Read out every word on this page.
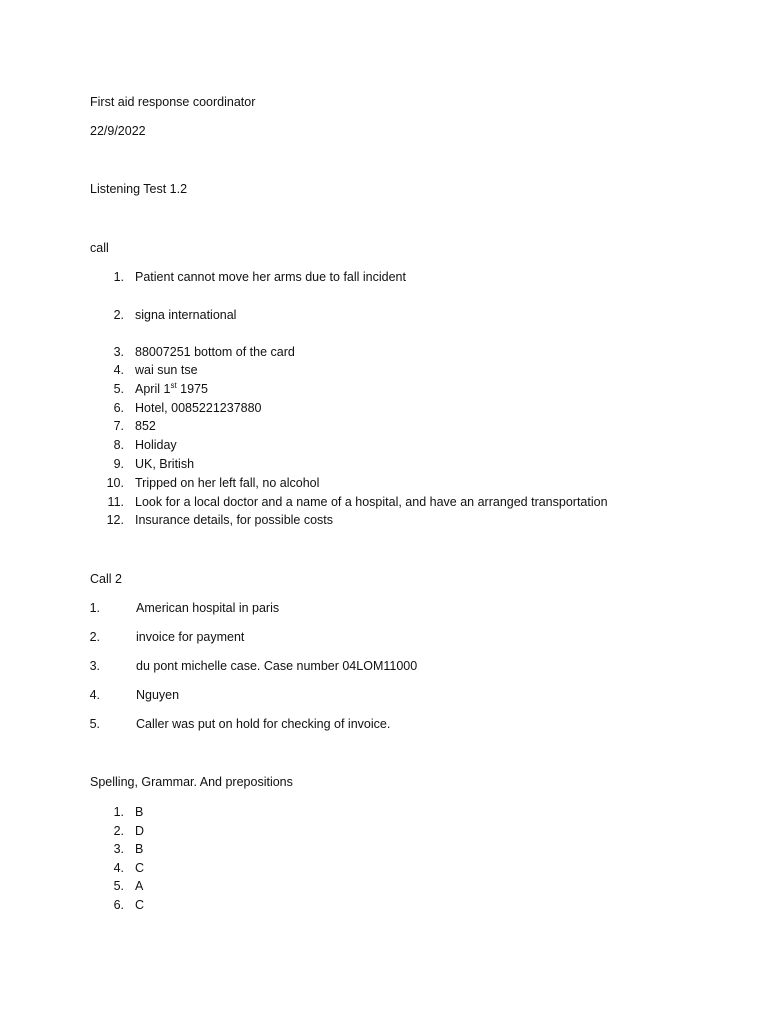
First aid response coordinator
22/9/2022
Listening Test 1.2
call
1. Patient cannot move her arms due to fall incident
2. signa international
3. 88007251 bottom of the card
4. wai sun tse
5. April 1st 1975
6. Hotel, 0085221237880
7. 852
8. Holiday
9. UK, British
10. Tripped on her left fall, no alcohol
11. Look for a local doctor and a name of a hospital, and have an arranged transportation
12. Insurance details, for possible costs
Call 2
1.	American hospital in paris
2.	invoice for payment
3.	du pont michelle case. Case number 04LOM11000
4.	Nguyen
5.	Caller was put on hold for checking of invoice.
Spelling, Grammar. And prepositions
1. B
2. D
3. B
4. C
5. A
6. C
